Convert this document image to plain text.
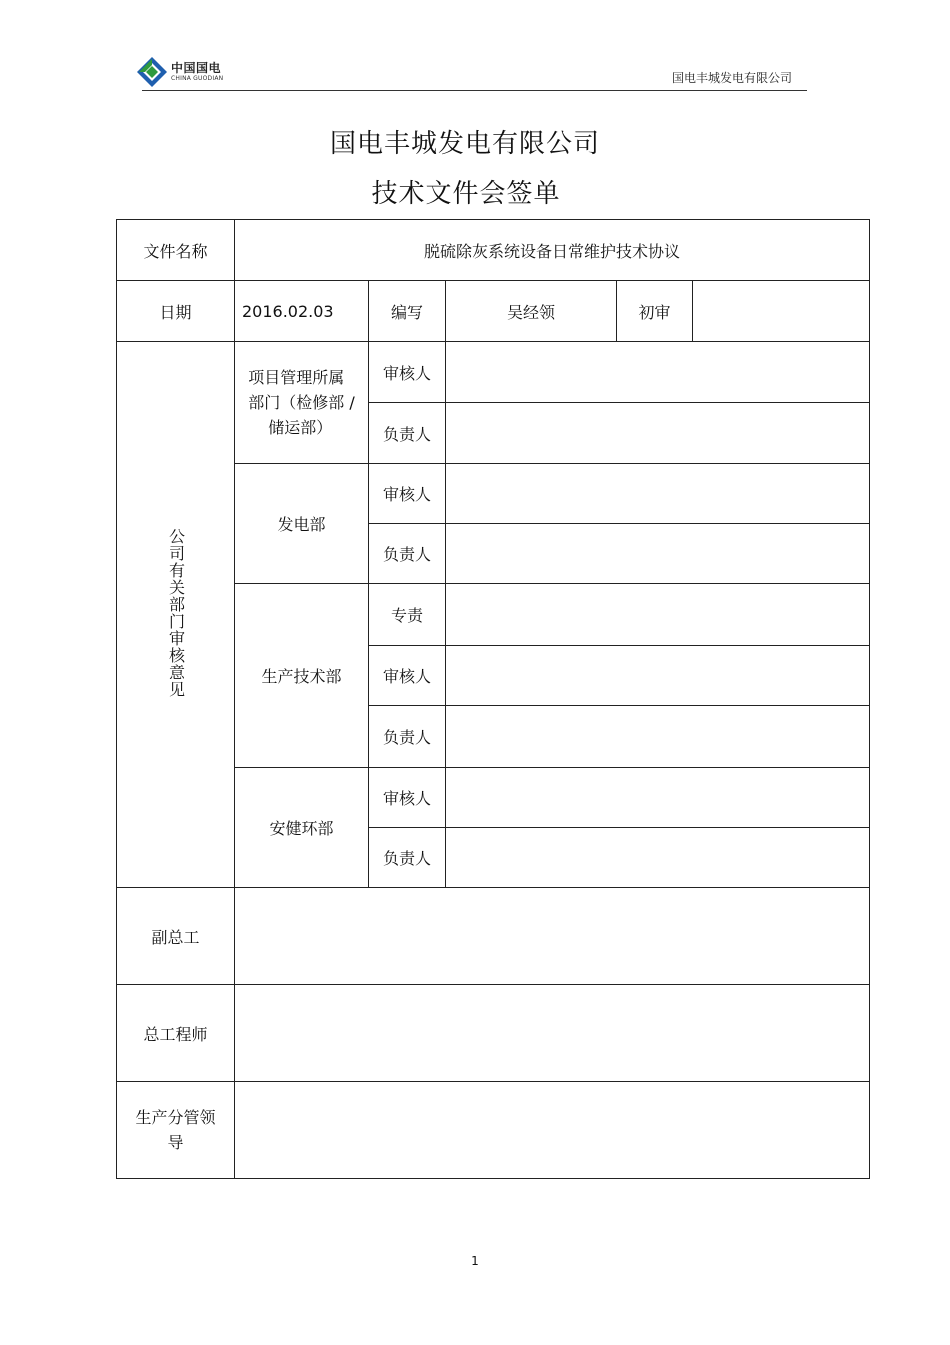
中国国电
CHINA GUODIAN	国电丰城发电有限公司
国电丰城发电有限公司
技术文件会签单
文件名称	脱硫除灰系统设备日常维护技术协议				
日期	2016.02.03	编写	吴经领	初审	
公司有关部门审核意见	项目管理所属
部门（检修部 /
储运部）	审核人			
		负责人			
	发电部	审核人			
		负责人			
	生产技术部	专责			
		审核人			
		负责人			
	安健环部	审核人			
		负责人			
副总工					
总工程师					
生产分管领
导					
1
